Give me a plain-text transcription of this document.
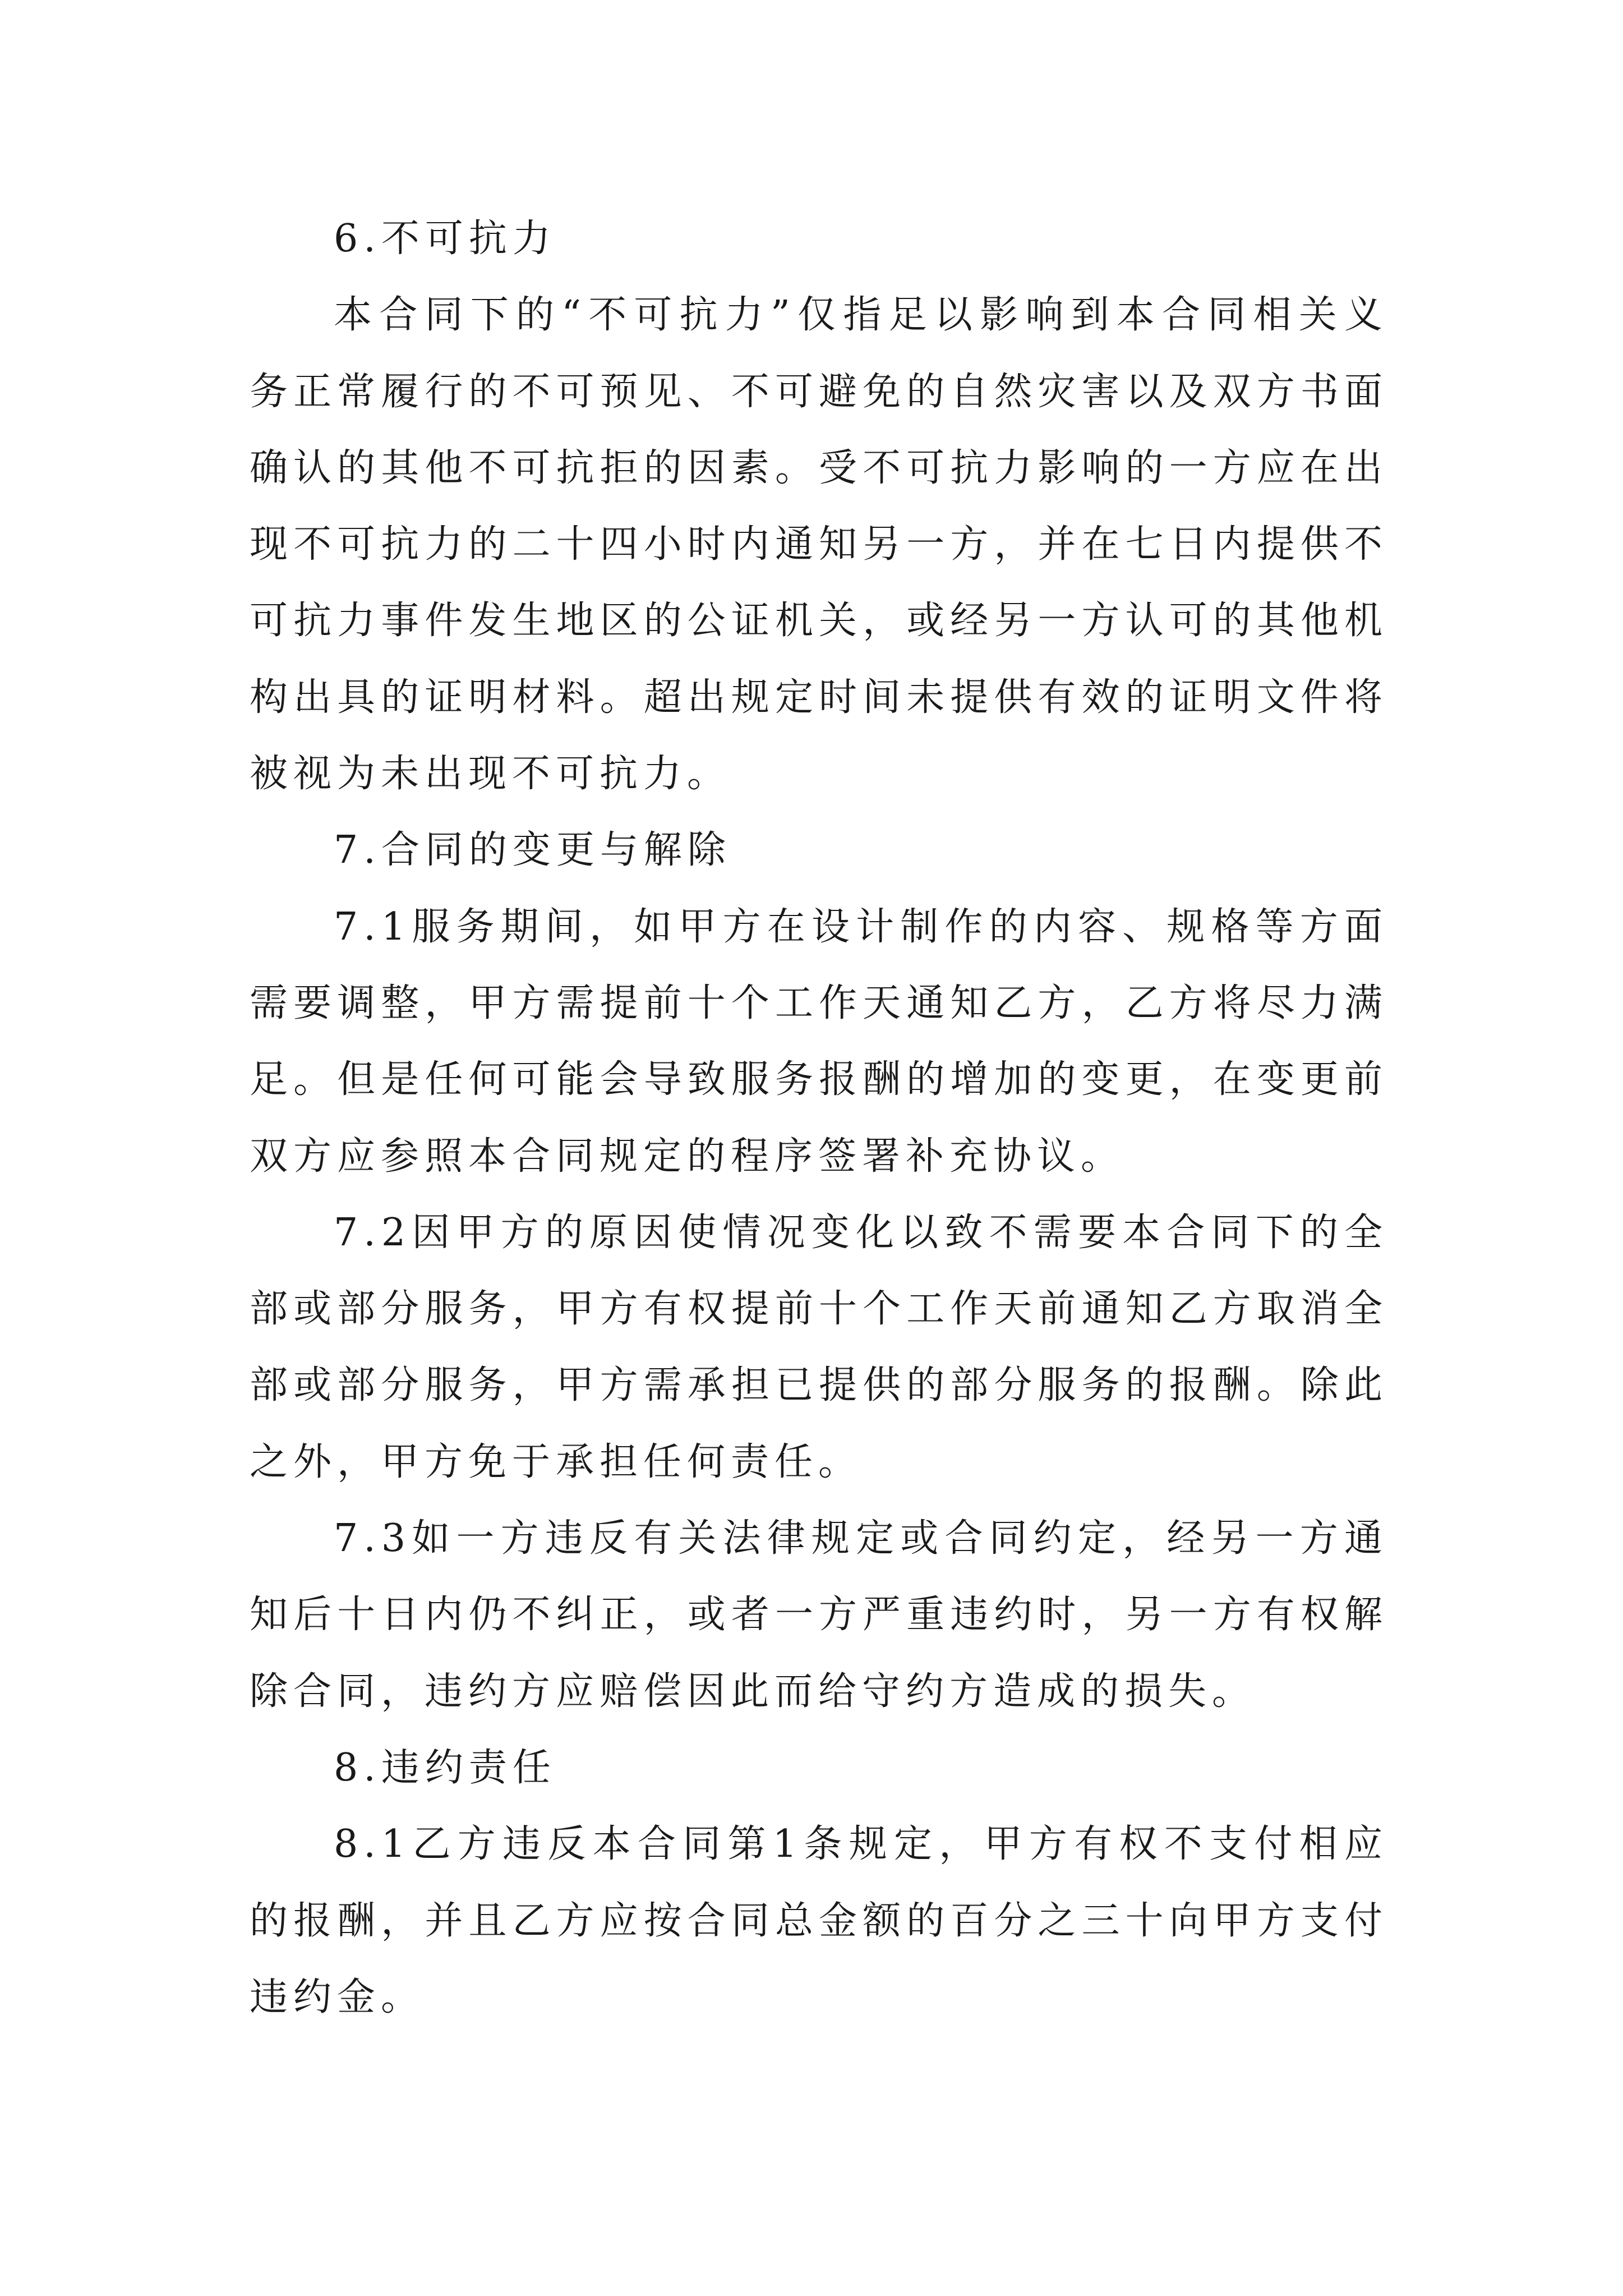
6.不可抗力

本合同下的“不可抗力”仅指足以影响到本合同相关义务正常履行的不可预见、不可避免的自然灾害以及双方书面确认的其他不可抗拒的因素。受不可抗力影响的一方应在出现不可抗力的二十四小时内通知另一方，并在七日内提供不可抗力事件发生地区的公证机关，或经另一方认可的其他机构出具的证明材料。超出规定时间未提供有效的证明文件将被视为未出现不可抗力。

7.合同的变更与解除

7.1服务期间，如甲方在设计制作的内容、规格等方面需要调整，甲方需提前十个工作天通知乙方，乙方将尽力满足。但是任何可能会导致服务报酬的增加的变更，在变更前双方应参照本合同规定的程序签署补充协议。

7.2因甲方的原因使情况变化以致不需要本合同下的全部或部分服务，甲方有权提前十个工作天前通知乙方取消全部或部分服务，甲方需承担已提供的部分服务的报酬。除此之外，甲方免于承担任何责任。

7.3如一方违反有关法律规定或合同约定，经另一方通知后十日内仍不纠正，或者一方严重违约时，另一方有权解除合同，违约方应赔偿因此而给守约方造成的损失。

8.违约责任

8.1乙方违反本合同第1条规定，甲方有权不支付相应的报酬，并且乙方应按合同总金额的百分之三十向甲方支付违约金。
